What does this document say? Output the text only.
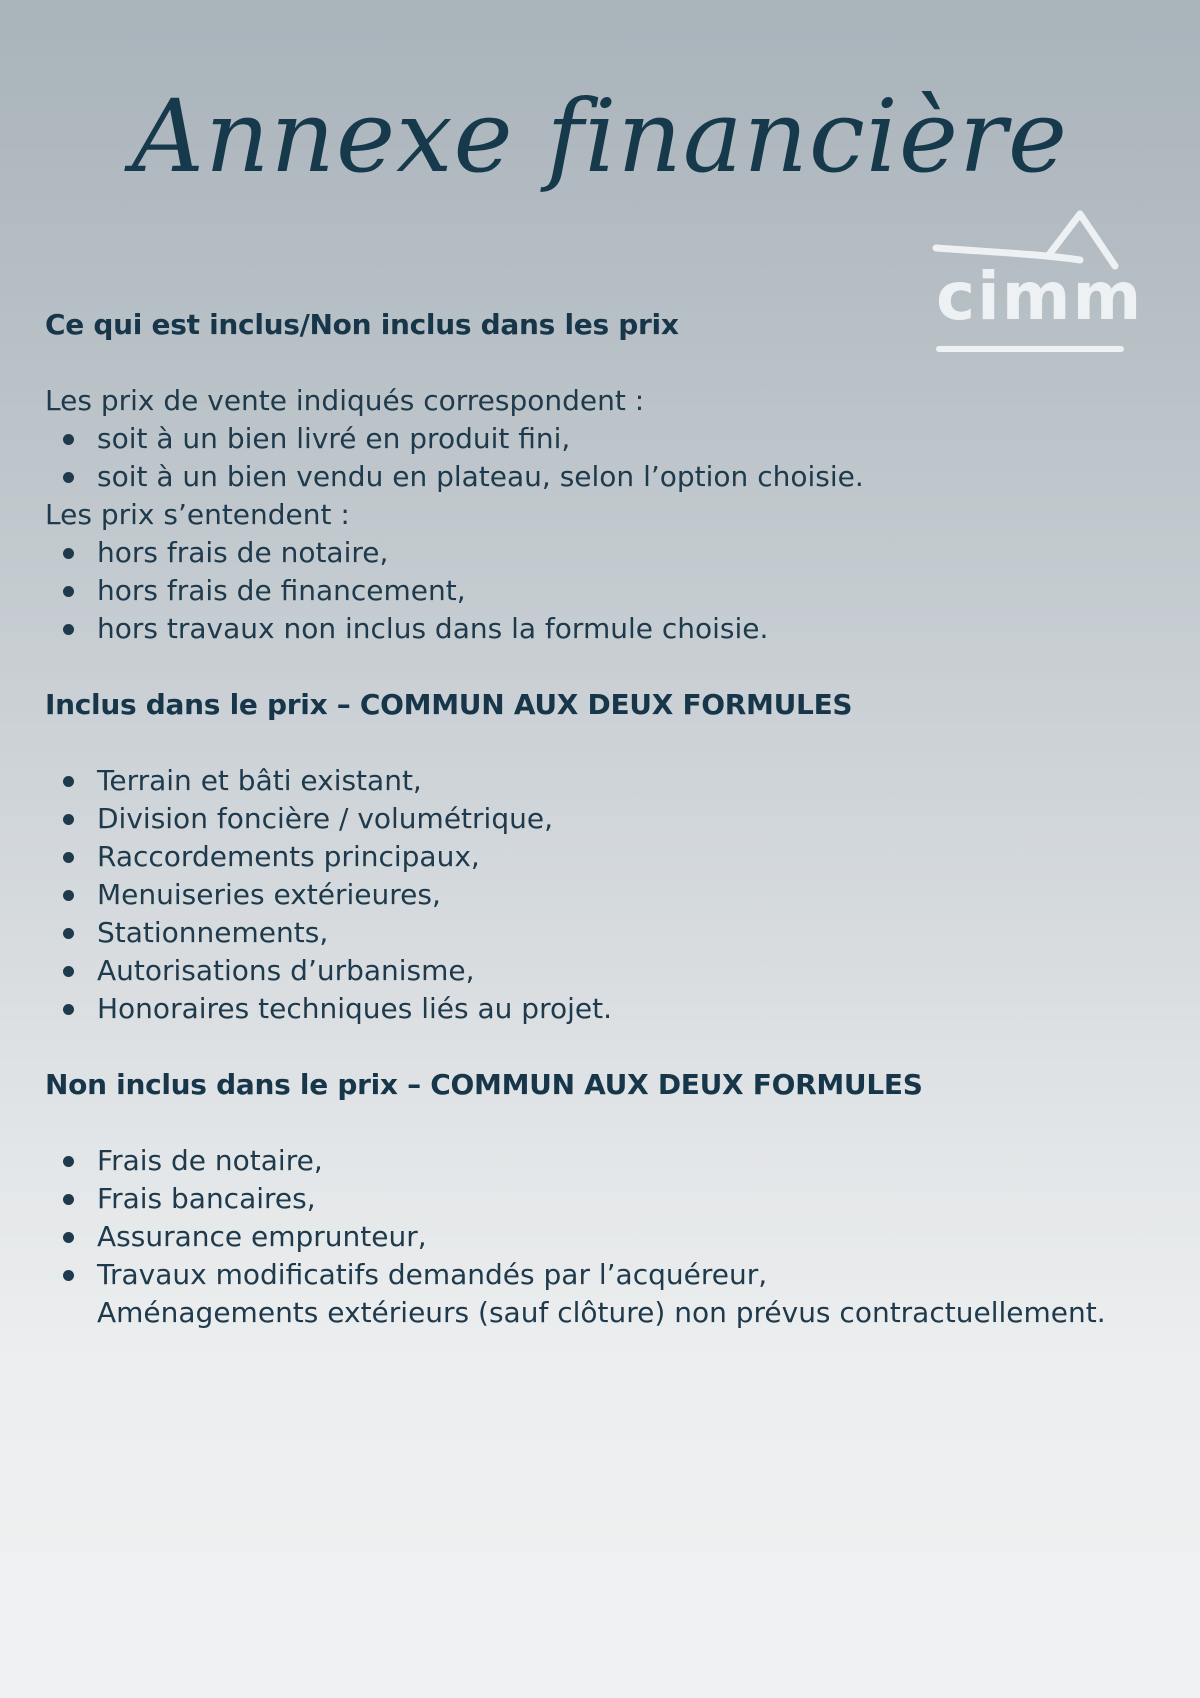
Annexe financière
cimm
Ce qui est inclus/Non inclus dans les prix

Les prix de vente indiqués correspondent :

soit à un bien livré en produit fini,
soit à un bien vendu en plateau, selon l’option choisie.

Les prix s’entendent :

hors frais de notaire,
hors frais de financement,
hors travaux non inclus dans la formule choisie.
Inclus dans le prix – COMMUN AUX DEUX FORMULES
Terrain et bâti existant,
Division foncière / volumétrique,
Raccordements principaux,
Menuiseries extérieures,
Stationnements,
Autorisations d’urbanisme,
Honoraires techniques liés au projet.
Non inclus dans le prix – COMMUN AUX DEUX FORMULES
Frais de notaire,
Frais bancaires,
Assurance emprunteur,
Travaux modificatifs demandés par l’acquéreur,
Aménagements extérieurs (sauf clôture) non prévus contractuellement.
